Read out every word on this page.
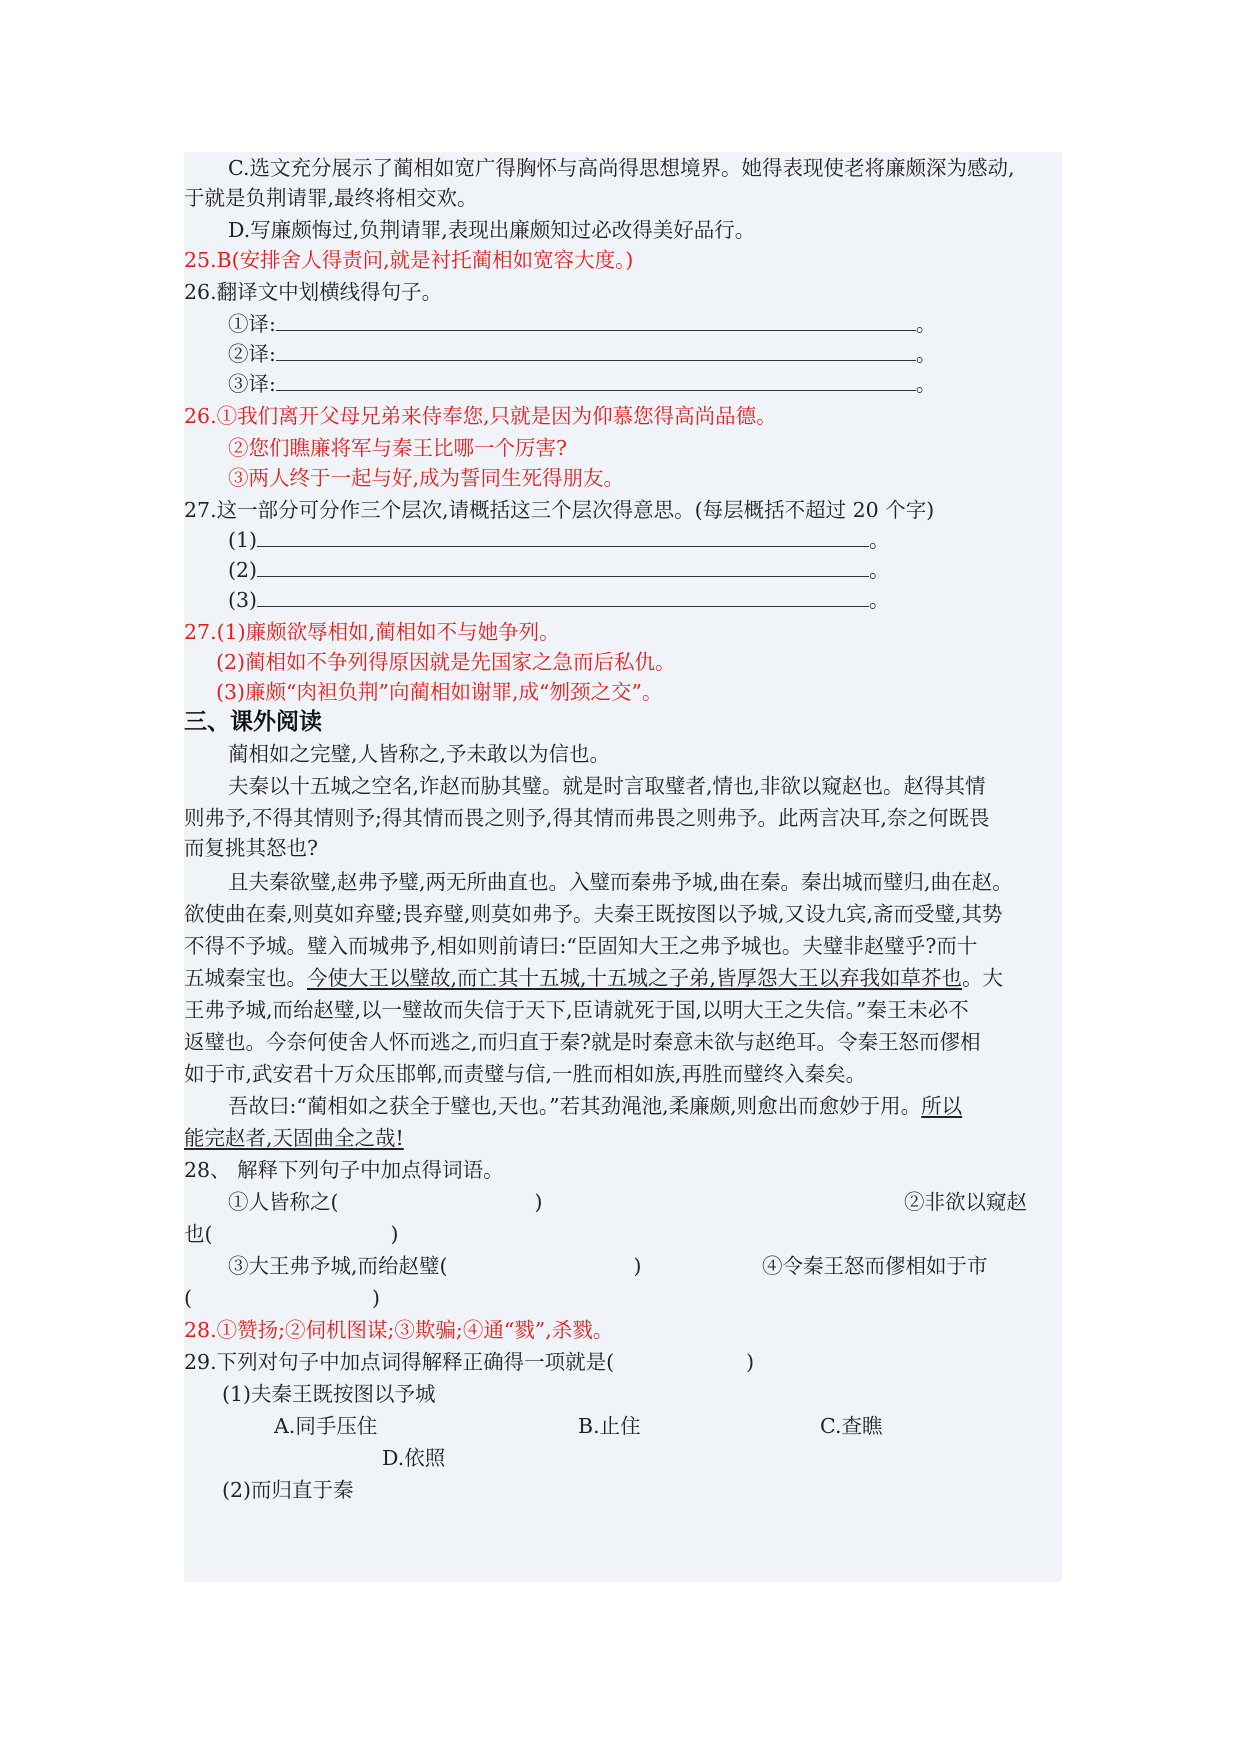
C.选文充分展示了蔺相如宽广得胸怀与高尚得思想境界。她得表现使老将廉颇深为感动,

于就是负荆请罪,最终将相交欢。

D.写廉颇悔过,负荆请罪,表现出廉颇知过必改得美好品行。

25.B(安排舍人得责问,就是衬托蔺相如宽容大度。)

26.翻译文中划横线得句子。

①译:	。

②译:	。

③译:	。

26.①我们离开父母兄弟来侍奉您,只就是因为仰慕您得高尚品德。

②您们瞧廉将军与秦王比哪一个厉害?

③两人终于一起与好,成为誓同生死得朋友。

27.这一部分可分作三个层次,请概括这三个层次得意思。(每层概括不超过 20 个字)

(1)	。

(2)	。

(3)	。

27.(1)廉颇欲辱相如,蔺相如不与她争列。

(2)蔺相如不争列得原因就是先国家之急而后私仇。

(3)廉颇“肉袒负荆”向蔺相如谢罪,成“刎颈之交”。

三、课外阅读

蔺相如之完璧,人皆称之,予未敢以为信也。

夫秦以十五城之空名,诈赵而胁其璧。就是时言取璧者,情也,非欲以窥赵也。赵得其情

则弗予,不得其情则予;得其情而畏之则予,得其情而弗畏之则弗予。此两言决耳,奈之何既畏

而复挑其怒也?

且夫秦欲璧,赵弗予璧,两无所曲直也。入璧而秦弗予城,曲在秦。秦出城而璧归,曲在赵。

欲使曲在秦,则莫如弃璧;畏弃璧,则莫如弗予。夫秦王既按图以予城,又设九宾,斋而受璧,其势

不得不予城。璧入而城弗予,相如则前请曰:“臣固知大王之弗予城也。夫璧非赵璧乎?而十

五城秦宝也。今使大王以璧故,而亡其十五城,十五城之子弟,皆厚怨大王以弃我如草芥也。大

王弗予城,而绐赵璧,以一璧故而失信于天下,臣请就死于国,以明大王之失信。”秦王未必不

返璧也。今奈何使舍人怀而逃之,而归直于秦?就是时秦意未欲与赵绝耳。令秦王怒而僇相

如于市,武安君十万众压邯郸,而责璧与信,一胜而相如族,再胜而璧终入秦矣。

吾故曰:“蔺相如之获全于璧也,天也。”若其劲渑池,柔廉颇,则愈出而愈妙于用。所以

能完赵者,天固曲全之哉!

28、 解释下列句子中加点得词语。

①人皆称之(	)	②非欲以窥赵

也(	)

③大王弗予城,而绐赵璧(	)	④令秦王怒而僇相如于市

(	)

28.①赞扬;②伺机图谋;③欺骗;④通“戮”,杀戮。

29.下列对句子中加点词得解释正确得一项就是(	)

(1)夫秦王既按图以予城

A.同手压住	B.止住	C.查瞧

D.依照

(2)而归直于秦
